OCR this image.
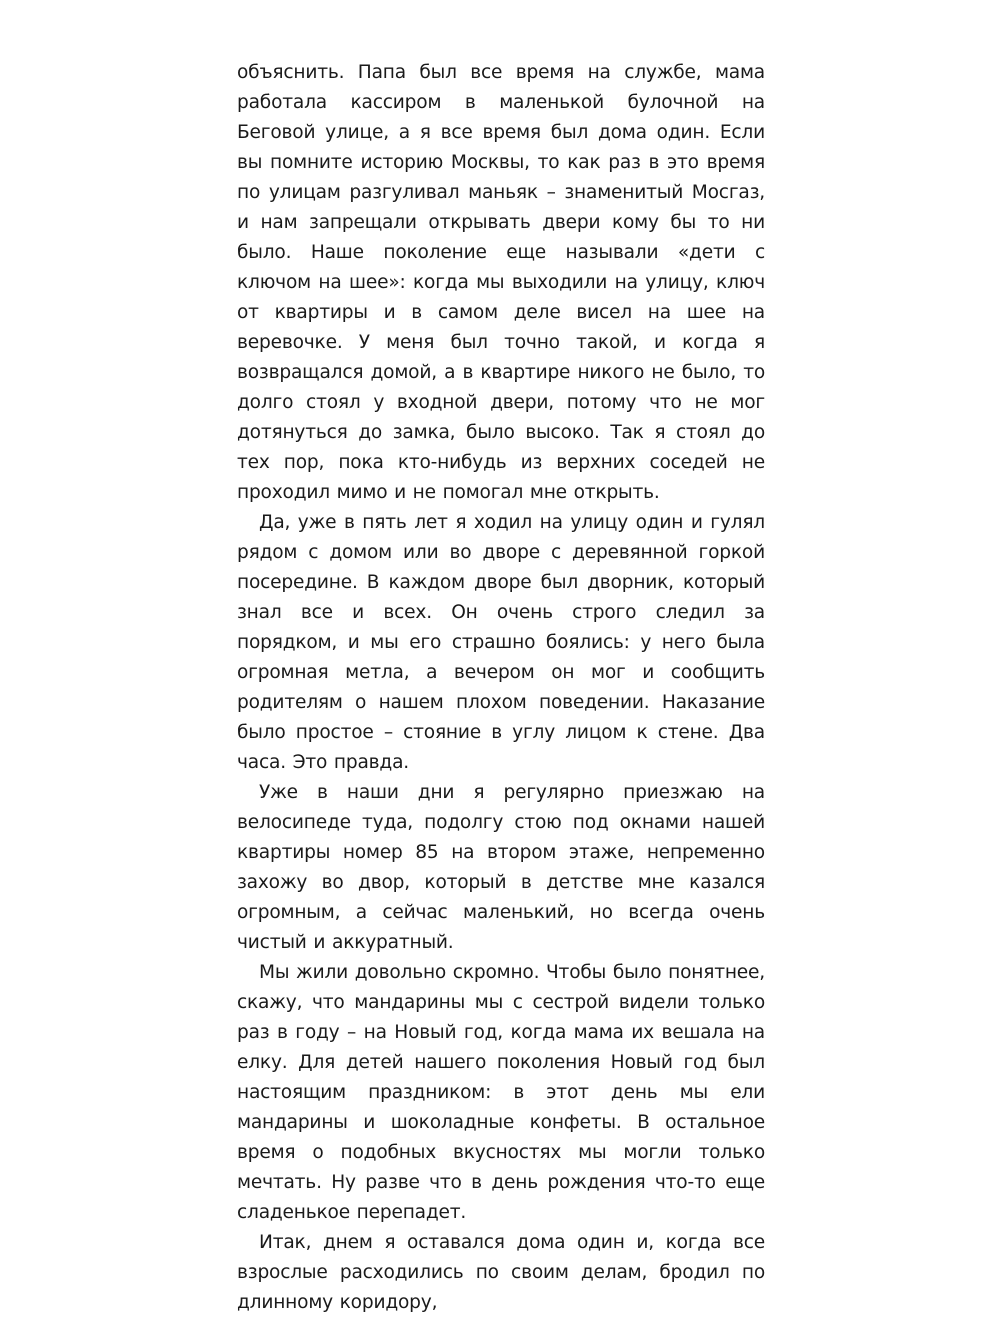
объяснить. Папа был все время на службе, мама работала кассиром в маленькой булочной на Беговой улице, а я все время был дома один. Если вы помните историю Москвы, то как раз в это время по улицам разгуливал маньяк – знаменитый Мосгаз, и нам запрещали открывать двери кому бы то ни было. Наше поколение еще называли «дети с ключом на шее»: когда мы выходили на улицу, ключ от квартиры и в самом деле висел на шее на веревочке. У меня был точно такой, и когда я возвращался домой, а в квартире никого не было, то долго стоял у входной двери, потому что не мог дотянуться до замка, было высоко. Так я стоял до тех пор, пока кто-нибудь из верхних соседей не проходил мимо и не помогал мне открыть.

Да, уже в пять лет я ходил на улицу один и гулял рядом с домом или во дворе с деревянной горкой посередине. В каждом дворе был дворник, который знал все и всех. Он очень строго следил за порядком, и мы его страшно боялись: у него была огромная метла, а вечером он мог и сообщить родителям о нашем плохом поведении. Наказание было простое – стояние в углу лицом к стене. Два часа. Это правда.

Уже в наши дни я регулярно приезжаю на велосипеде туда, подолгу стою под окнами нашей квартиры номер 85 на втором этаже, непременно захожу во двор, который в детстве мне казался огромным, а сейчас маленький, но всегда очень чистый и аккуратный.

Мы жили довольно скромно. Чтобы было понятнее, скажу, что мандарины мы с сестрой видели только раз в году – на Новый год, когда мама их вешала на елку. Для детей нашего поколения Новый год был настоящим праздником: в этот день мы ели мандарины и шоколадные конфеты. В остальное время о подобных вкусностях мы могли только мечтать. Ну разве что в день рождения что-то еще сладенькое перепадет.

Итак, днем я оставался дома один и, когда все взрослые расходились по своим делам, бродил по длинному коридору,
